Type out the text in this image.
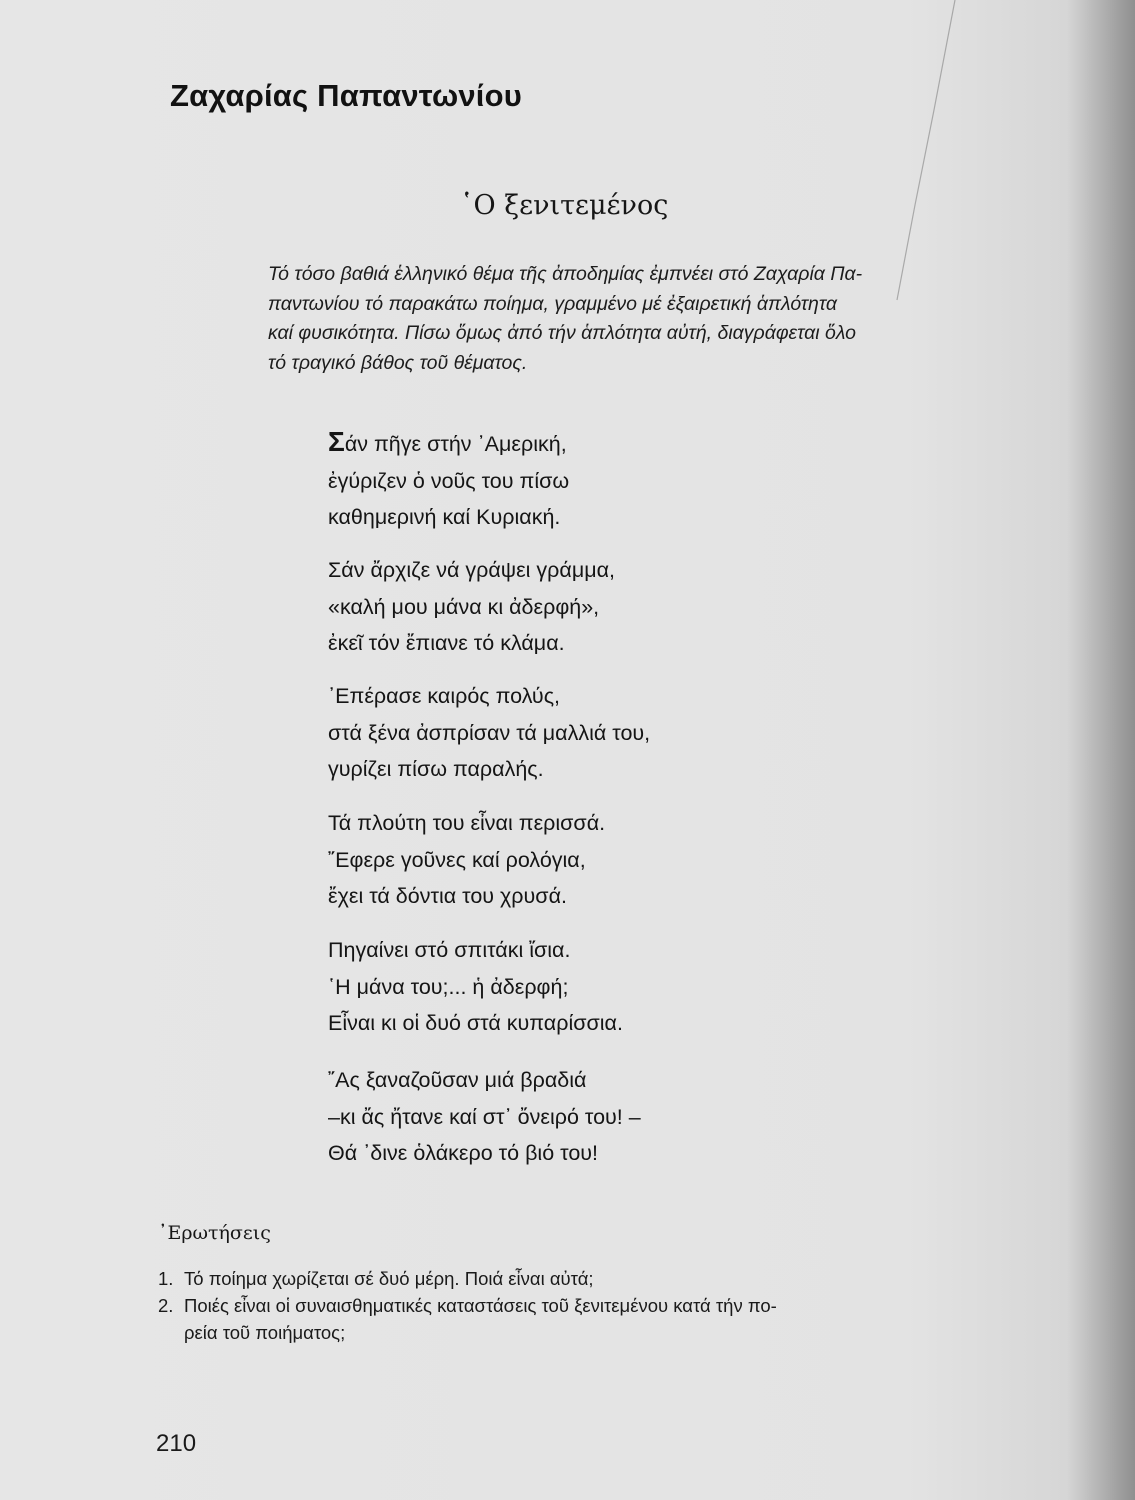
Ζαχαρίας Παπαντωνίου
῾Ο ξενιτεμένος

Τό τόσο βαθιά ἑλληνικό θέμα τῆς ἀποδημίας ἐμπνέει στό Ζαχαρία Πα-
παντωνίου τό παρακάτω ποίημα, γραμμένο μέ ἐξαιρετική ἁπλότητα
καί φυσικότητα. Πίσω ὅμως ἀπό τήν ἁπλότητα αὐτή, διαγράφεται ὅλο
τό τραγικό βάθος τοῦ θέματος.

Σάν πῆγε στήν ᾿Αμερική,
ἐγύριζεν ὁ νοῦς του πίσω
καθημερινή καί Κυριακή.

Σάν ἄρχιζε νά γράψει γράμμα,
«καλή μου μάνα κι ἀδερφή»,
ἐκεῖ τόν ἔπιανε τό κλάμα.

᾿Επέρασε καιρός πολύς,
στά ξένα ἀσπρίσαν τά μαλλιά του,
γυρίζει πίσω παραλής.

Τά πλούτη του εἶναι περισσά.
῎Εφερε γοῦνες καί ρολόγια,
ἔχει τά δόντια του χρυσά.

Πηγαίνει στό σπιτάκι ἴσια.
῾Η μάνα του;... ἡ ἀδερφή;
Εἶναι κι οἱ δυό στά κυπαρίσσια.

῎Ας ξαναζοῦσαν μιά βραδιά
–κι ἄς ἤτανε καί στ᾿ ὄνειρό του! –
Θά ᾿δινε ὁλάκερο τό βιό του!

᾿Ερωτήσεις
1. Τό ποίημα χωρίζεται σέ δυό μέρη. Ποιά εἶναι αὐτά;
2. Ποιές εἶναι οἱ συναισθηματικές καταστάσεις τοῦ ξενιτεμένου κατά τήν πο-
ρεία τοῦ ποιήματος;
210
